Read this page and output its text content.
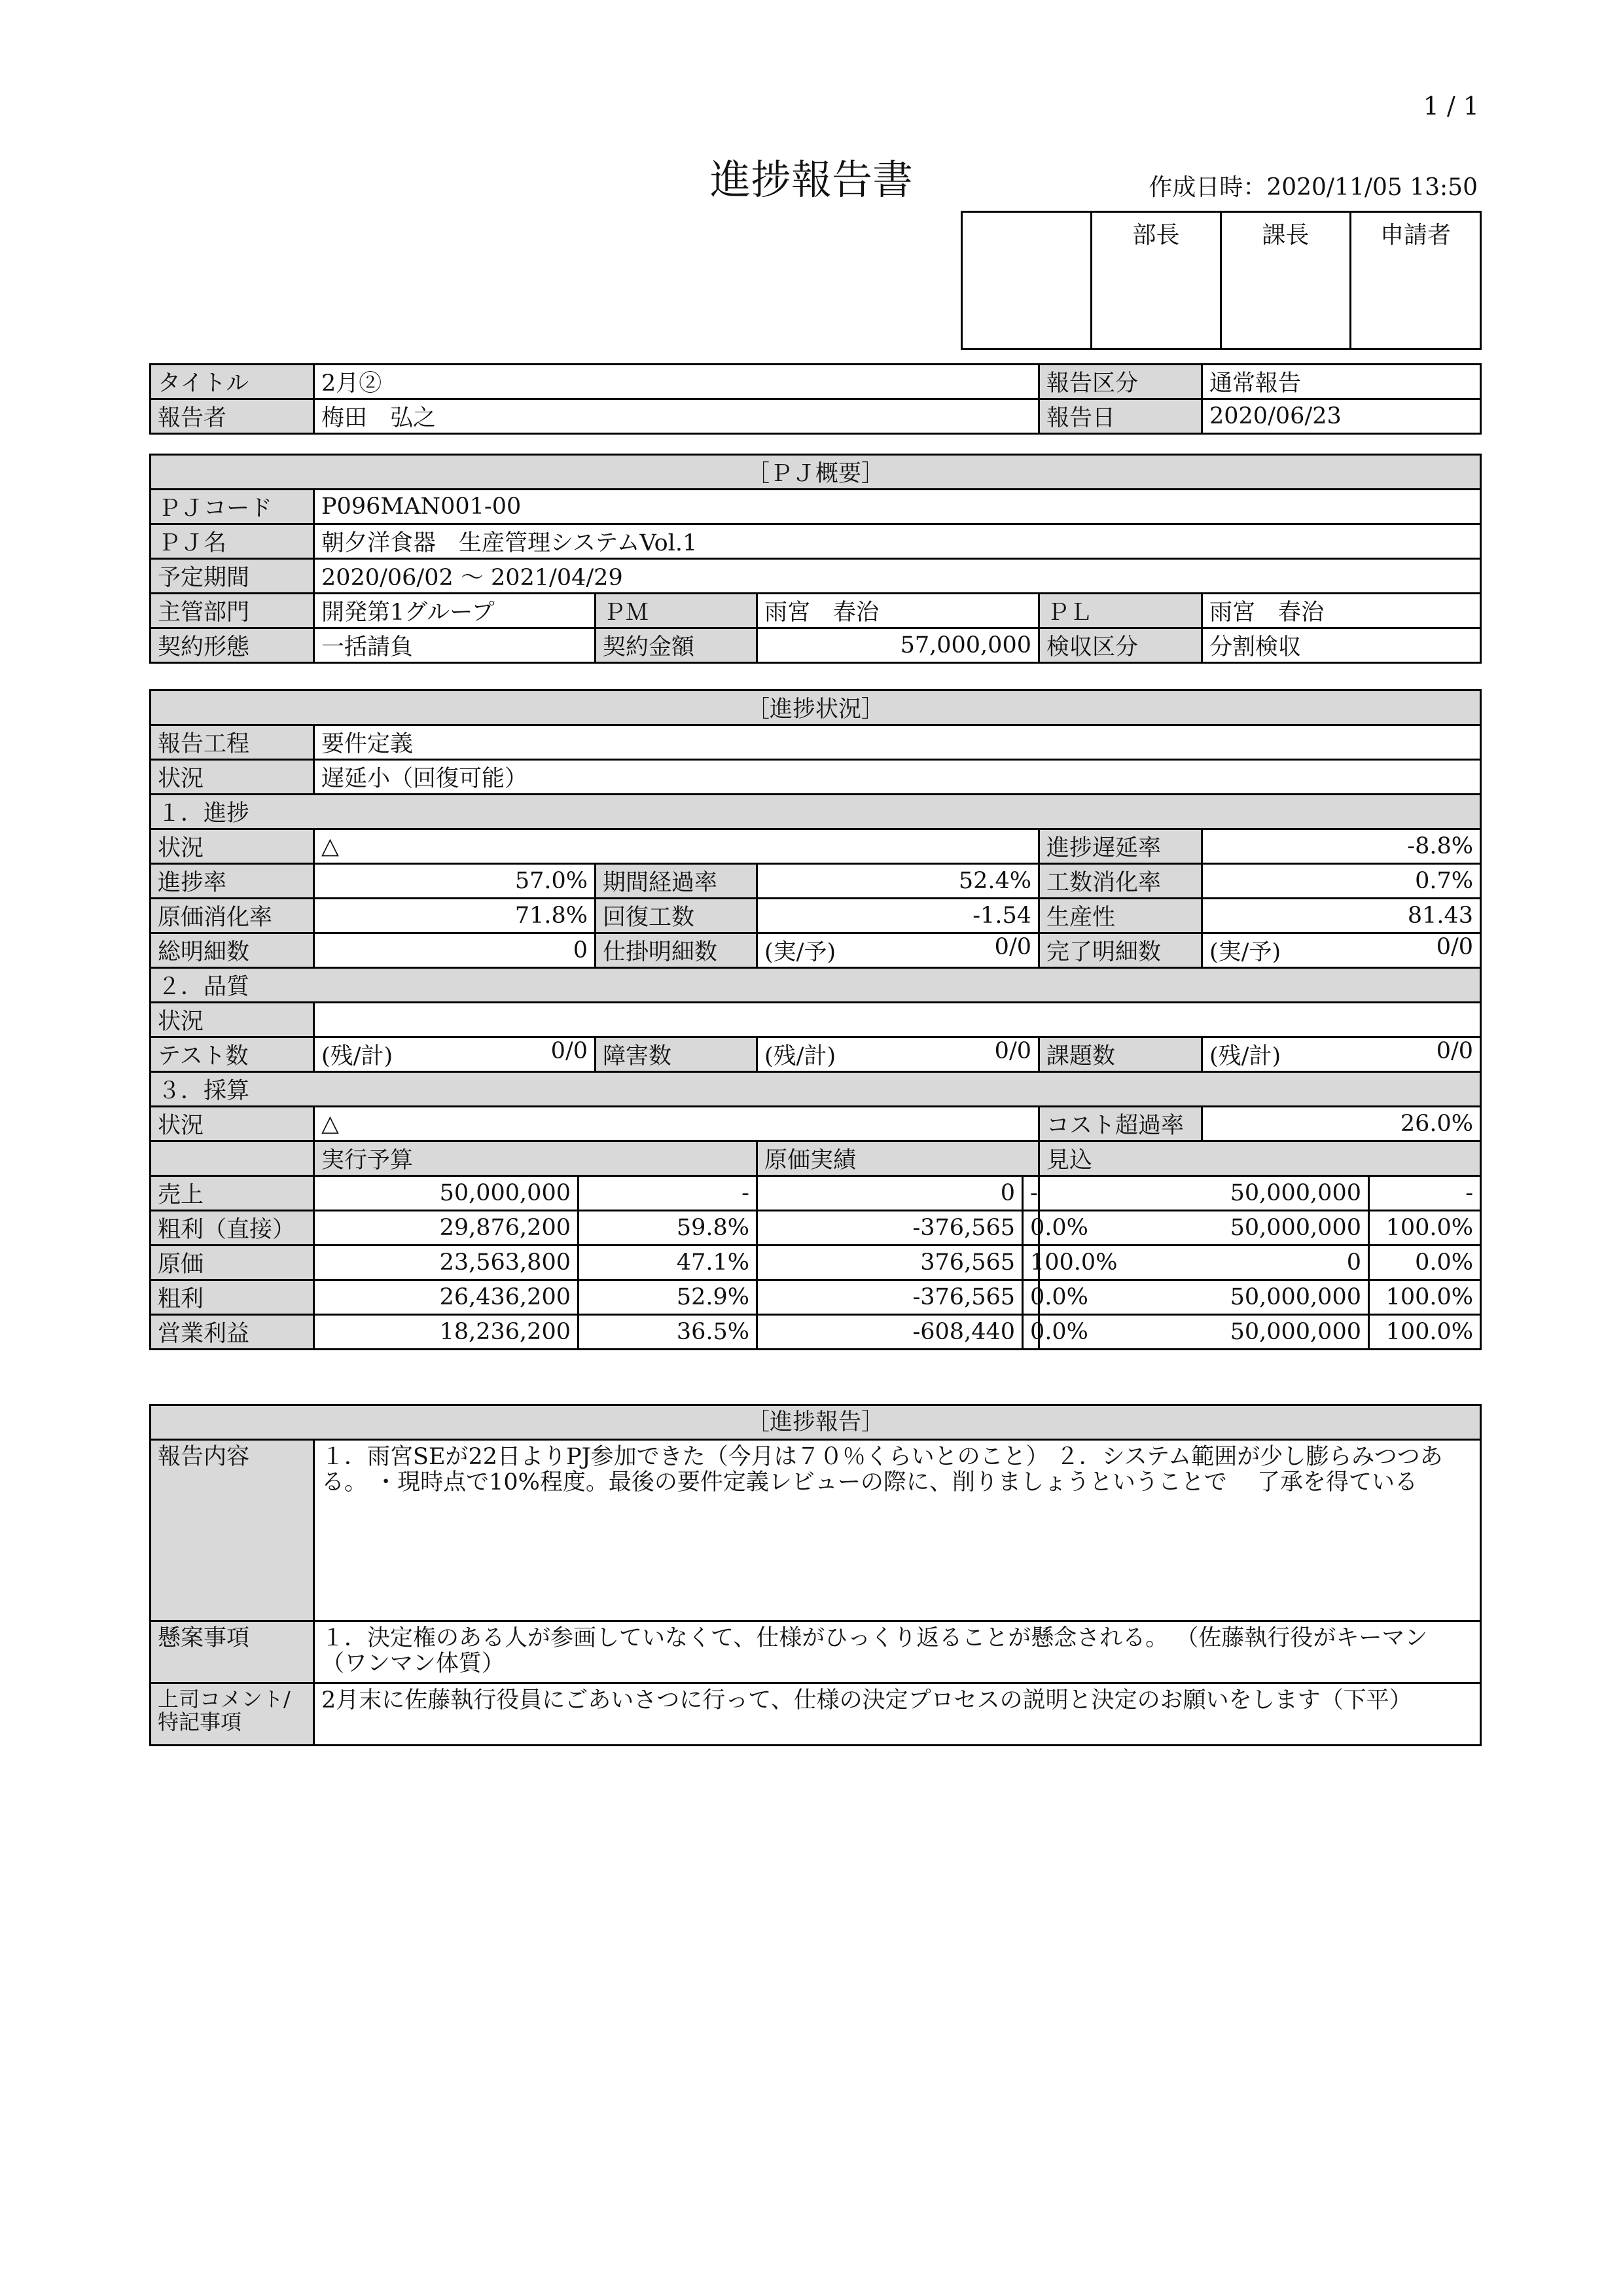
1 / 1
進捗報告書	作成日時：2020/11/05 13:50
	部長	課長	申請者
タイトル	2月②	報告区分	通常報告
報告者	梅田　弘之	報告日	2020/06/23
［ＰＪ概要］					
ＰＪコード	P096MAN001-00				
ＰＪ名	朝夕洋食器　生産管理システムVol.1				
予定期間	2020/06/02 ～ 2021/04/29				
主管部門	開発第1グループ	ＰＭ	雨宮　春治	ＰＬ	雨宮　春治
契約形態	一括請負	契約金額	57,000,000	検収区分	分割検収
［進捗状況］								
報告工程	要件定義							
状況	遅延小（回復可能）							
１．進捗								
状況	△					進捗遅延率	-8.8%	
進捗率	57.0%		期間経過率	52.4%		工数消化率	0.7%	
原価消化率	71.8%		回復工数	-1.54		生産性	81.43	
総明細数	0		仕掛明細数	(実/予) 0/0		完了明細数	(実/予) 0/0	

２．品質								
状況								
テスト数	(残/計) 0/0		障害数	(残/計) 0/0		課題数	(残/計) 0/0	

３．採算								
状況	△					コスト超過率	26.0%	
	実行予算			原価実績		見込		
売上	50,000,000	-		0	-	50,000,000		-
粗利（直接）	29,876,200	59.8%		-376,565	0.0%	50,000,000		100.0%
原価	23,563,800	47.1%		376,565	100.0%	0		0.0%
粗利	26,436,200	52.9%		-376,565	0.0%	50,000,000		100.0%
営業利益	18,236,200	36.5%		-608,440	0.0%	50,000,000		100.0%
［進捗報告］	
報告内容	１．雨宮SEが22日よりPJ参加できた（今月は７０％くらいとのこと） ２．システム範囲が少し膨らみつつある。 ・現時点で10%程度。最後の要件定義レビューの際に、削りましょうということで 　了承を得ている
懸案事項	１．決定権のある人が参画していなくて、仕様がひっくり返ることが懸念される。 （佐藤執行役がキーマン（ワンマン体質）
上司コメント/ 特記事項	2月末に佐藤執行役員にごあいさつに行って、仕様の決定プロセスの説明と決定のお願いをします（下平）
